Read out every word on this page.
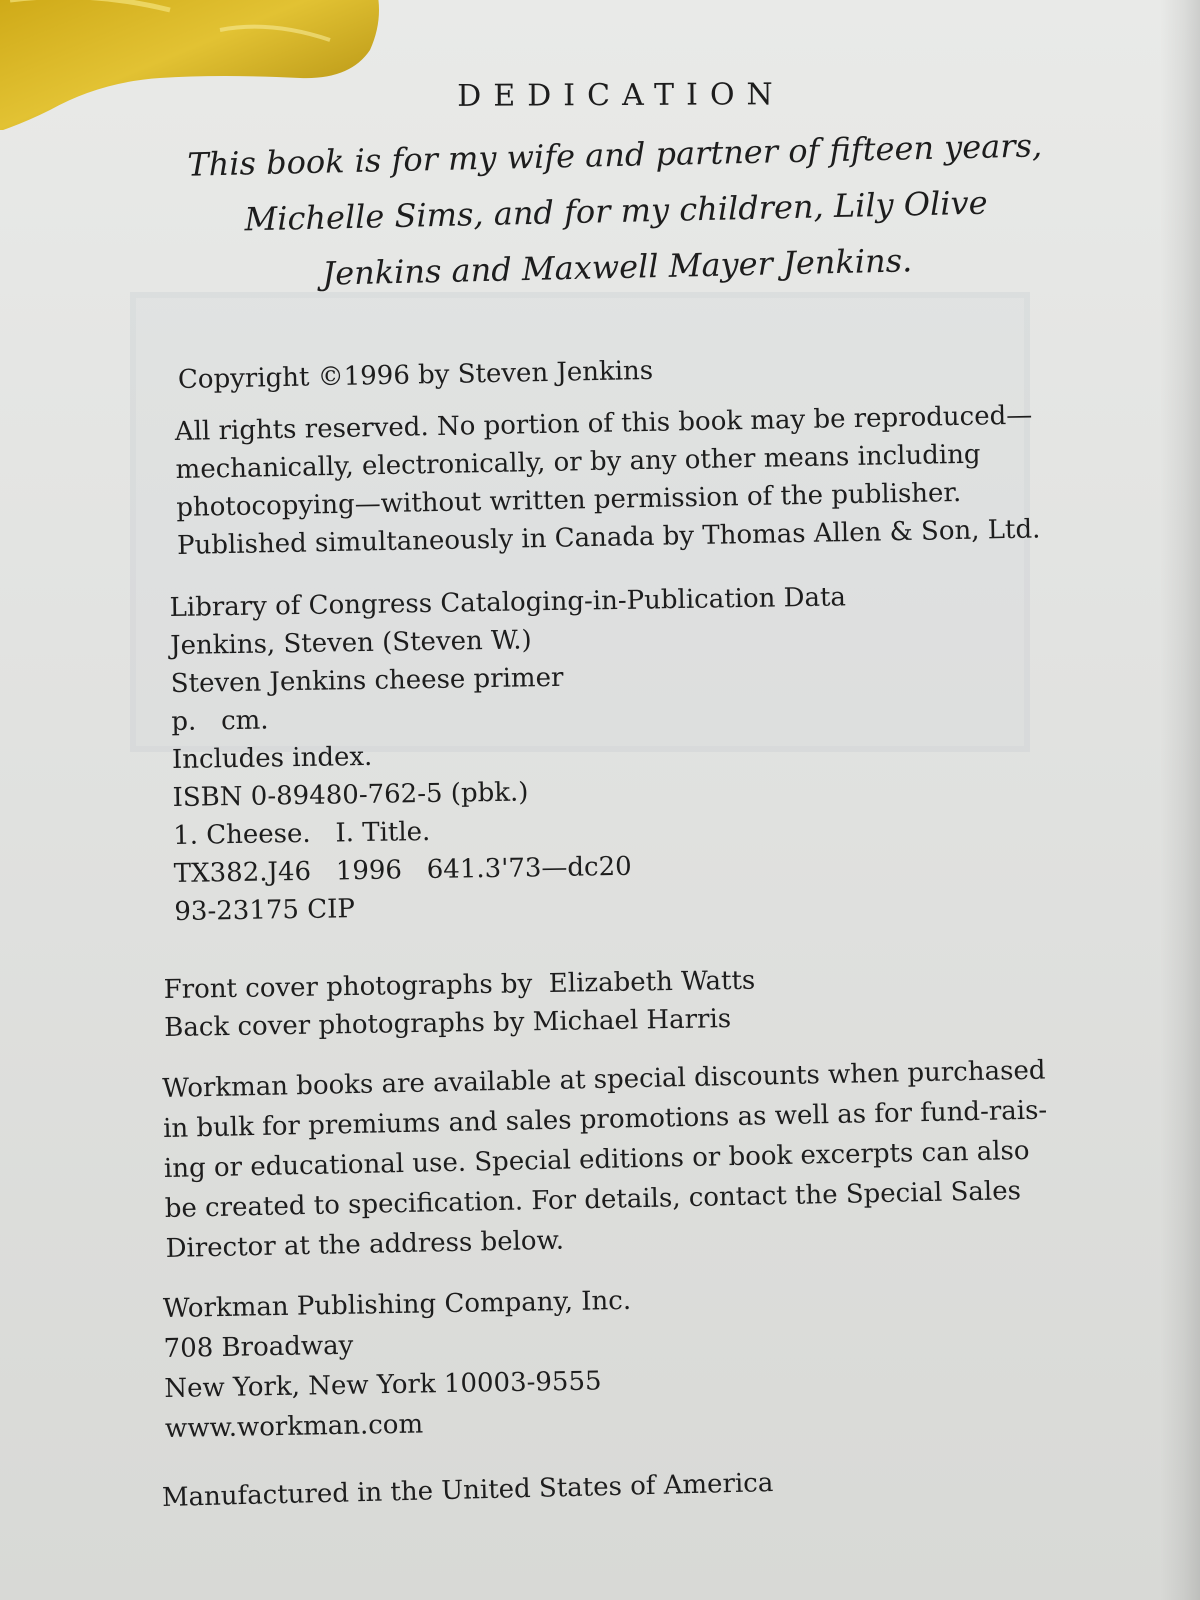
DEDICATION
This book is for my wife and partner of fifteen years,
Michelle Sims, and for my children, Lily Olive
Jenkins and Maxwell Mayer Jenkins.
Copyright ©1996 by Steven Jenkins
All rights reserved. No portion of this book may be reproduced—
mechanically, electronically, or by any other means including
photocopying—without written permission of the publisher.
Published simultaneously in Canada by Thomas Allen & Son, Ltd.
Library of Congress Cataloging-in-Publication Data
Jenkins, Steven (Steven W.)
Steven Jenkins cheese primer
p.   cm.
Includes index.
ISBN 0-89480-762-5 (pbk.)
1. Cheese.   I. Title.
TX382.J46   1996   641.3'73—dc20
93-23175 CIP
Front cover photographs by  Elizabeth Watts
Back cover photographs by Michael Harris
Workman books are available at special discounts when purchased
in bulk for premiums and sales promotions as well as for fund-rais-
ing or educational use. Special editions or book excerpts can also
be created to specification. For details, contact the Special Sales
Director at the address below.
Workman Publishing Company, Inc.
708 Broadway
New York, New York 10003-9555
www.workman.com
Manufactured in the United States of America
